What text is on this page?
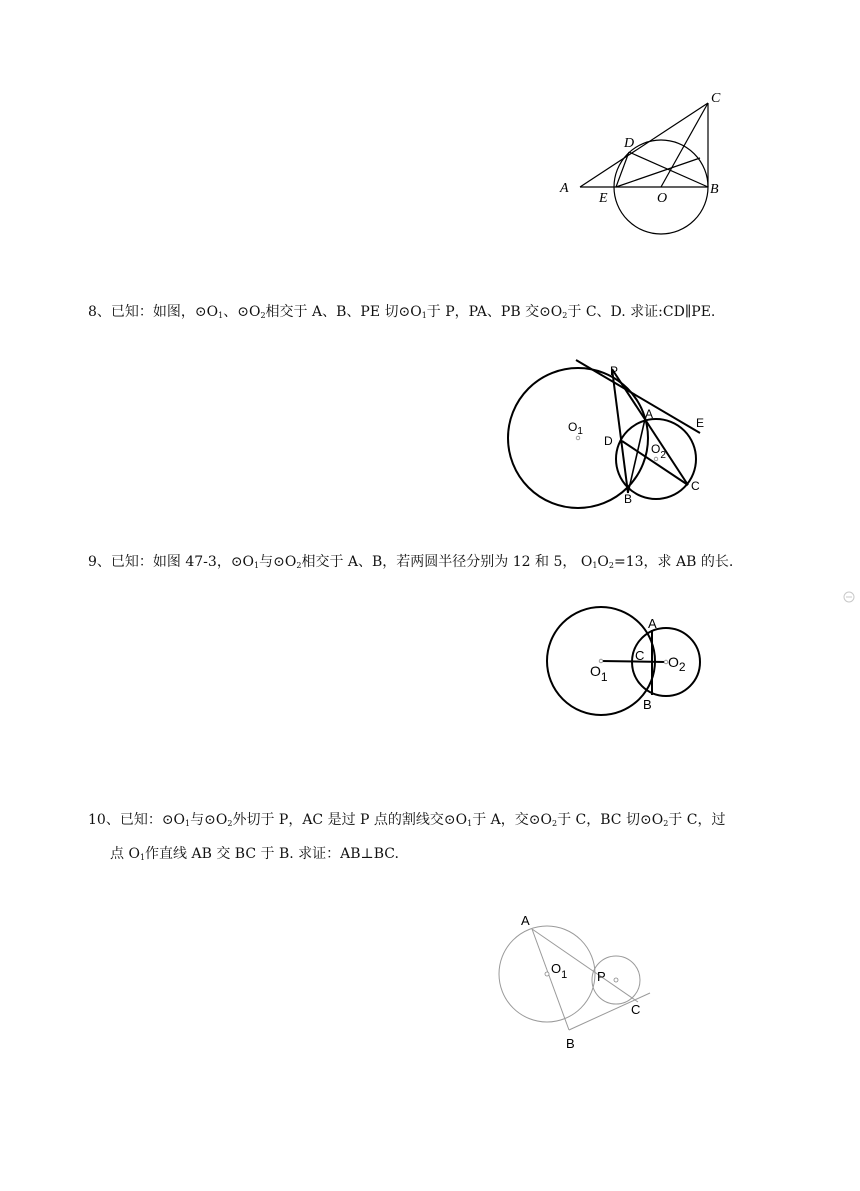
A
E	O
B
D
C
8、已知：如图，$⊙O_1$、$⊙O_2$相交于 A、B、PE 切$⊙O_1$于 P，PA、PB 交$⊙O_2$于 C、D. 求证:CD∥PE.
P
A
E
$O_1$
D
$O_2$
B
C
9、已知：如图 47-3，$⊙O_1$与$⊙O_2$相交于 A、B，若两圆半径分别为 12 和 5， $O_1O_2=13$，求 AB 的长.
A
C
O1
O2
B
10、已知：$⊙O_1$与$⊙O_2$外切于 P，AC 是过 P 点的割线交$⊙O_1$于 A，交$⊙O_2$于 C，BC 切$⊙O_2$于 C，过
点 $O_1$作直线 AB 交 BC 于 B. 求证：AB⊥BC.
A
$O_1$ P
C
B
